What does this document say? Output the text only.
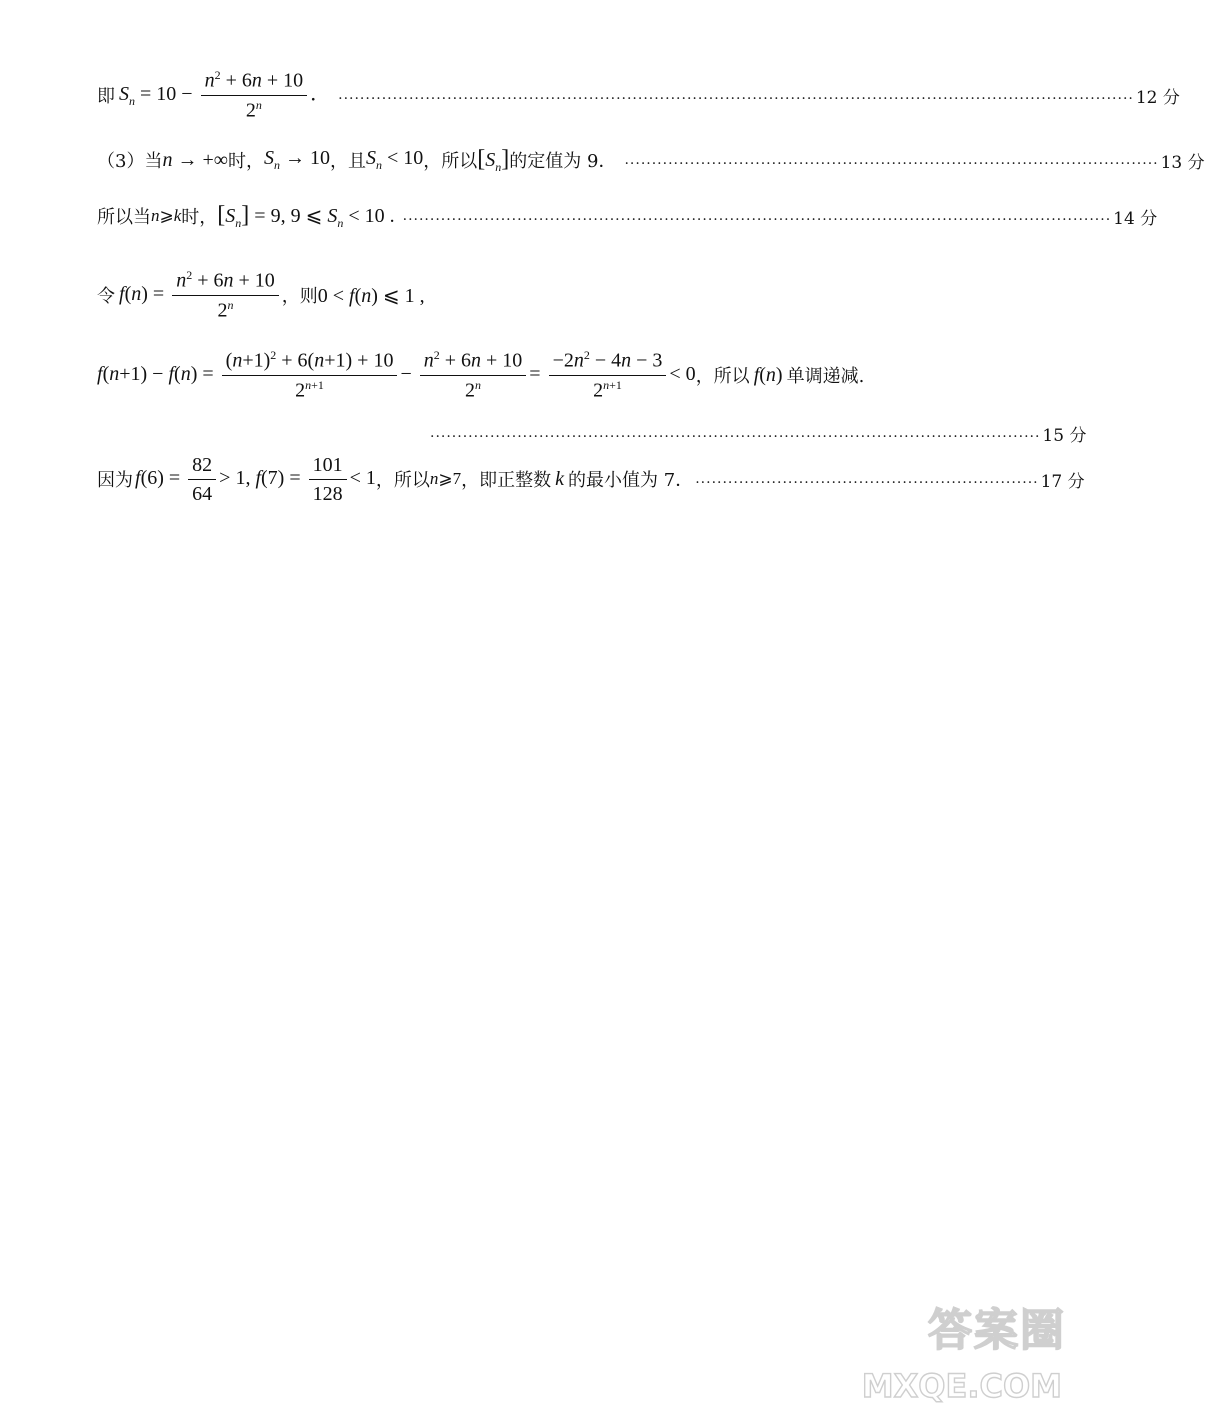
即 $S_n = 10 - \frac{n^2 + 6n + 10}{2^n}$ ． .................................................................................................................................................. 12 分
（3）当 n → +∞ 时， $S_n \to 10$ ，且 $S_n < 10$ ，所以 $[S_n]$ 的定值为 9． .................................................................................................. 13 分
所以当 n⩾k 时， $[S_n] = 9$, 9 ⩽ $S_n < 10$ . .................................................................................................................................. 14 分
令 $f(n) = \frac{n^2 + 6n + 10}{2^n}$ ，则 0 < f(n) ⩽ 1 ,
$f(n+1) - f(n) = \frac{(n+1)^2 + 6(n+1) + 10}{2^{n+1}} - \frac{n^2 + 6n + 10}{2^n} = \frac{-2n^2 - 4n - 3}{2^{n+1}} < 0$ ，所以 f(n) 单调递减.
................................................................................................................ 15 分
因为 $f(6) = \frac{82}{64} > 1$, $f(7) = \frac{101}{128} < 1$ ，所以 n⩾7 ，即正整数 k 的最小值为 7． ............................................................... 17 分
答案圈
MXQE.COM
